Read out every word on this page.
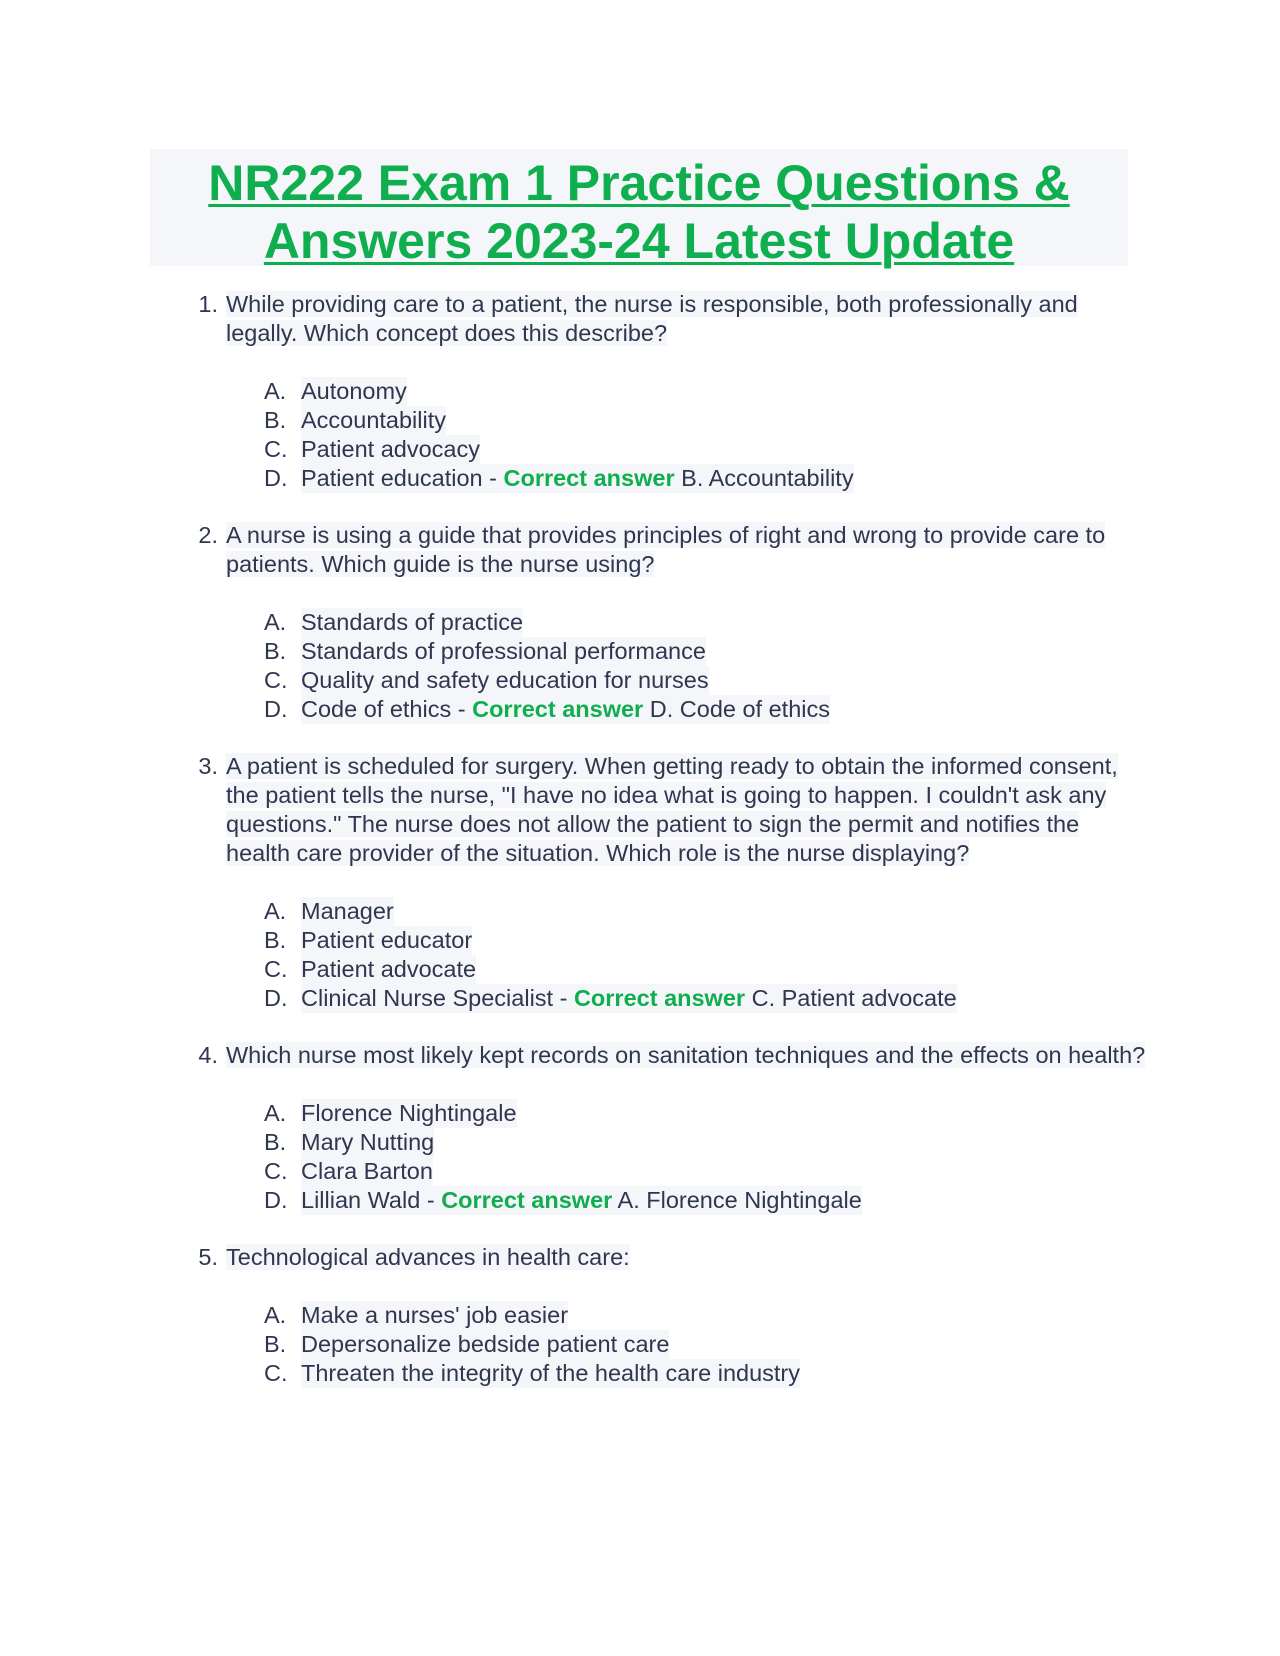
NR222 Exam 1 Practice Questions & Answers 2023-24 Latest Update
1. While providing care to a patient, the nurse is responsible, both professionally and legally. Which concept does this describe?

A. Autonomy
B. Accountability
C. Patient advocacy
D. Patient education - Correct answer B. Accountability
2. A nurse is using a guide that provides principles of right and wrong to provide care to patients. Which guide is the nurse using?

A. Standards of practice
B. Standards of professional performance
C. Quality and safety education for nurses
D. Code of ethics - Correct answer D. Code of ethics
3. A patient is scheduled for surgery. When getting ready to obtain the informed consent, the patient tells the nurse, "I have no idea what is going to happen. I couldn't ask any questions." The nurse does not allow the patient to sign the permit and notifies the health care provider of the situation. Which role is the nurse displaying?

A. Manager
B. Patient educator
C. Patient advocate
D. Clinical Nurse Specialist - Correct answer C. Patient advocate
4. Which nurse most likely kept records on sanitation techniques and the effects on health?

A. Florence Nightingale
B. Mary Nutting
C. Clara Barton
D. Lillian Wald - Correct answer A. Florence Nightingale
5. Technological advances in health care:

A. Make a nurses' job easier
B. Depersonalize bedside patient care
C. Threaten the integrity of the health care industry
